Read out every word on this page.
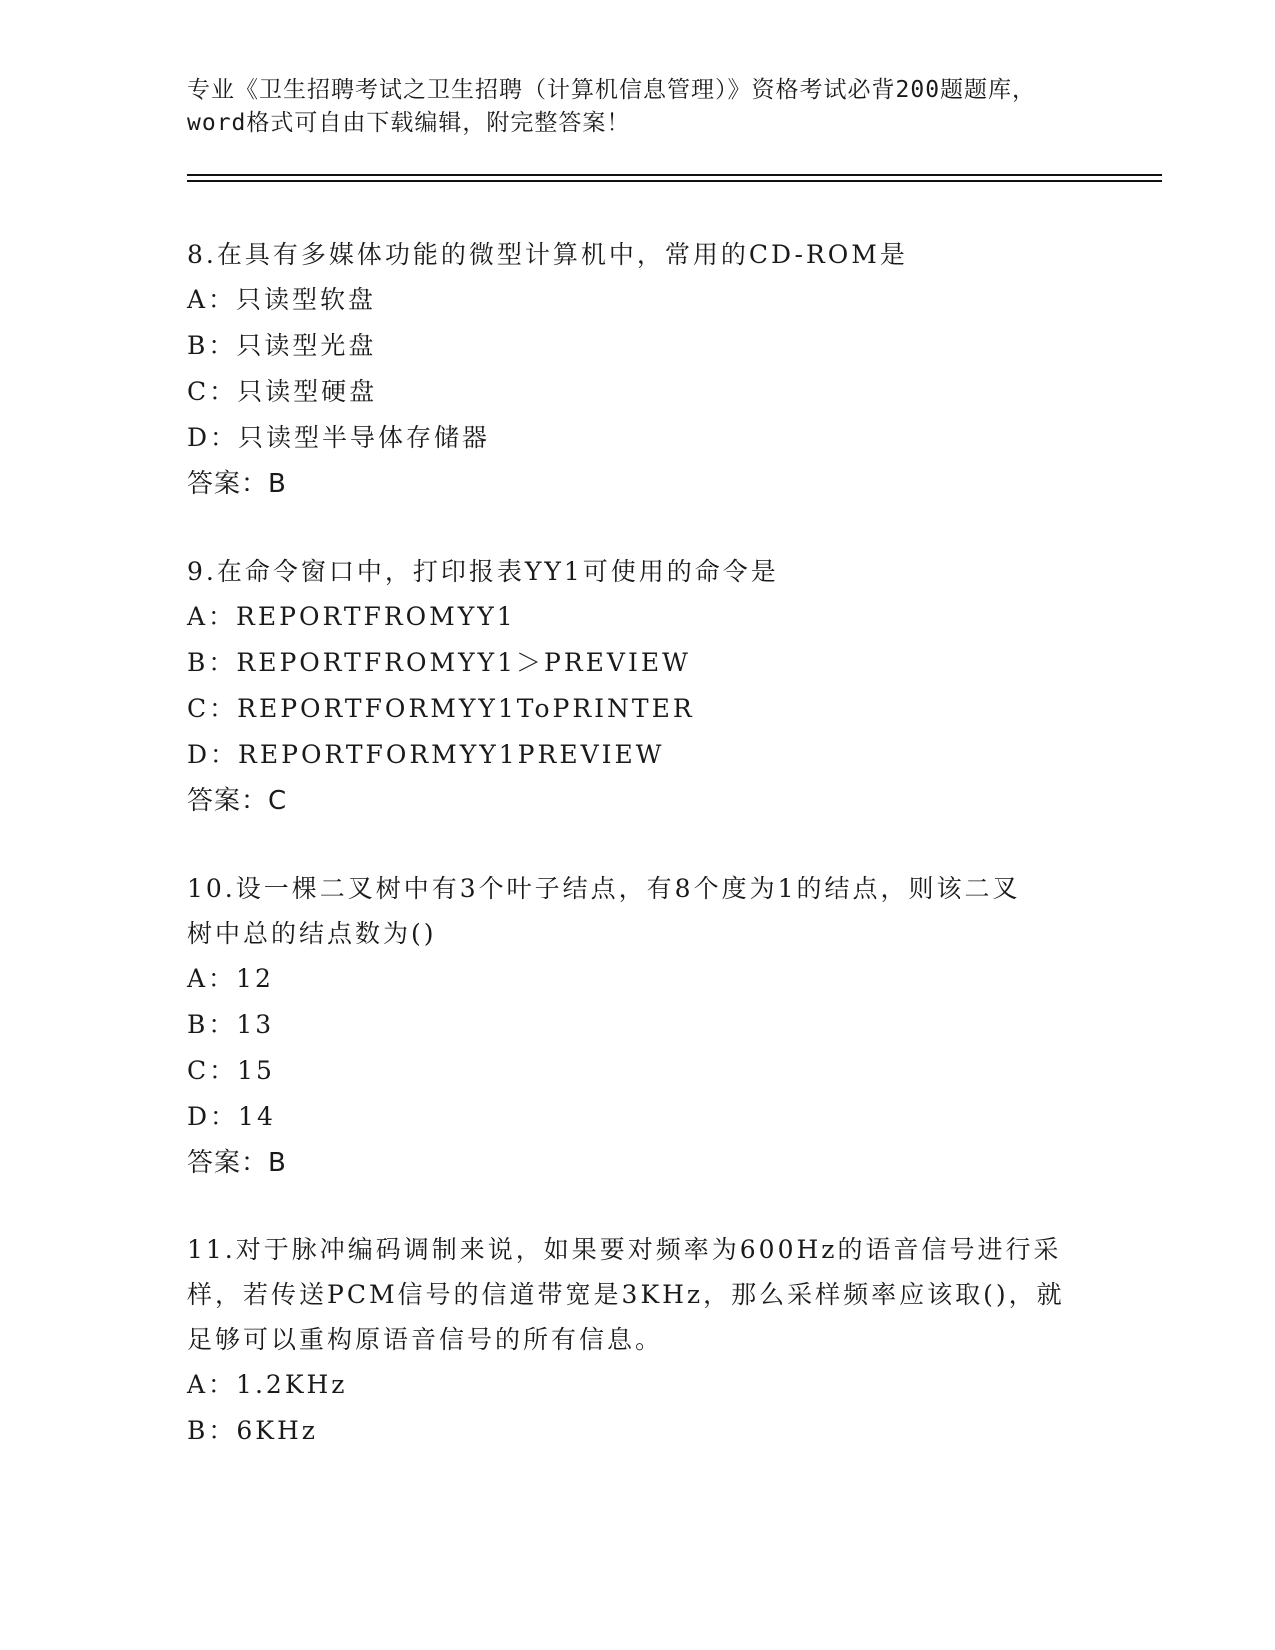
专业《卫生招聘考试之卫生招聘（计算机信息管理）》资格考试必背200题题库，
word格式可自由下载编辑，附完整答案！
8.在具有多媒体功能的微型计算机中，常用的CD-ROM是
A：只读型软盘
B：只读型光盘
C：只读型硬盘
D：只读型半导体存储器
答案：B
9.在命令窗口中，打印报表YY1可使用的命令是
A：REPORTFROMYY1
B：REPORTFROMYY1＞PREVIEW
C：REPORTFORMYY1ToPRINTER
D：REPORTFORMYY1PREVIEW
答案：C
10.设一棵二叉树中有3个叶子结点，有8个度为1的结点，则该二叉
树中总的结点数为()
A：12
B：13
C：15
D：14
答案：B
11.对于脉冲编码调制来说，如果要对频率为600Hz的语音信号进行采
样，若传送PCM信号的信道带宽是3KHz，那么采样频率应该取()，就
足够可以重构原语音信号的所有信息。
A：1.2KHz
B：6KHz
